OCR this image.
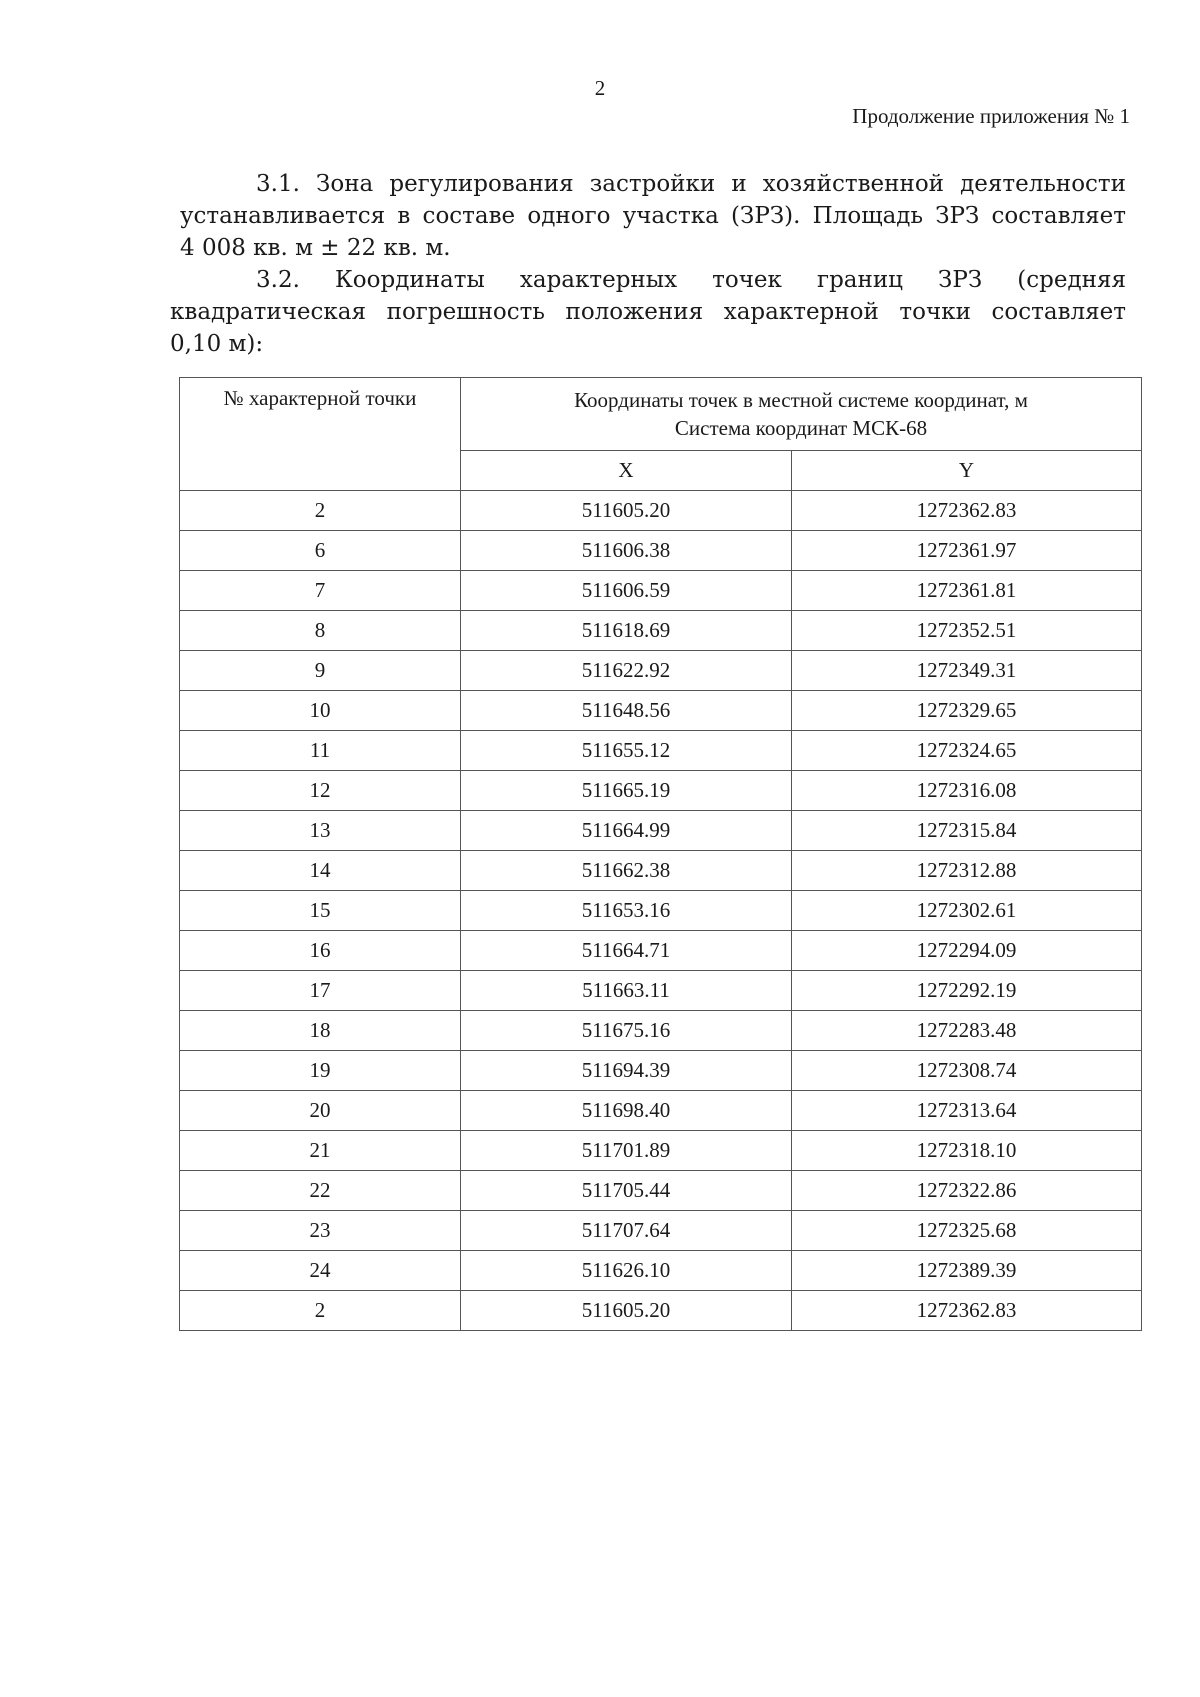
2
Продолжение приложения № 1
3.1. Зона регулирования застройки и хозяйственной деятельности
устанавливается в составе одного участка (ЗРЗ). Площадь ЗРЗ составляет
4 008 кв. м ± 22 кв. м.
3.2. Координаты характерных точек границ ЗРЗ (средняя
квадратическая погрешность положения характерной точки составляет
0,10 м):
№ характерной точки	Координаты точек в местной системе координат, м
Система координат МСК-68	
	X	Y
2	511605.20	1272362.83
6	511606.38	1272361.97
7	511606.59	1272361.81
8	511618.69	1272352.51
9	511622.92	1272349.31
10	511648.56	1272329.65
11	511655.12	1272324.65
12	511665.19	1272316.08
13	511664.99	1272315.84
14	511662.38	1272312.88
15	511653.16	1272302.61
16	511664.71	1272294.09
17	511663.11	1272292.19
18	511675.16	1272283.48
19	511694.39	1272308.74
20	511698.40	1272313.64
21	511701.89	1272318.10
22	511705.44	1272322.86
23	511707.64	1272325.68
24	511626.10	1272389.39
2	511605.20	1272362.83
